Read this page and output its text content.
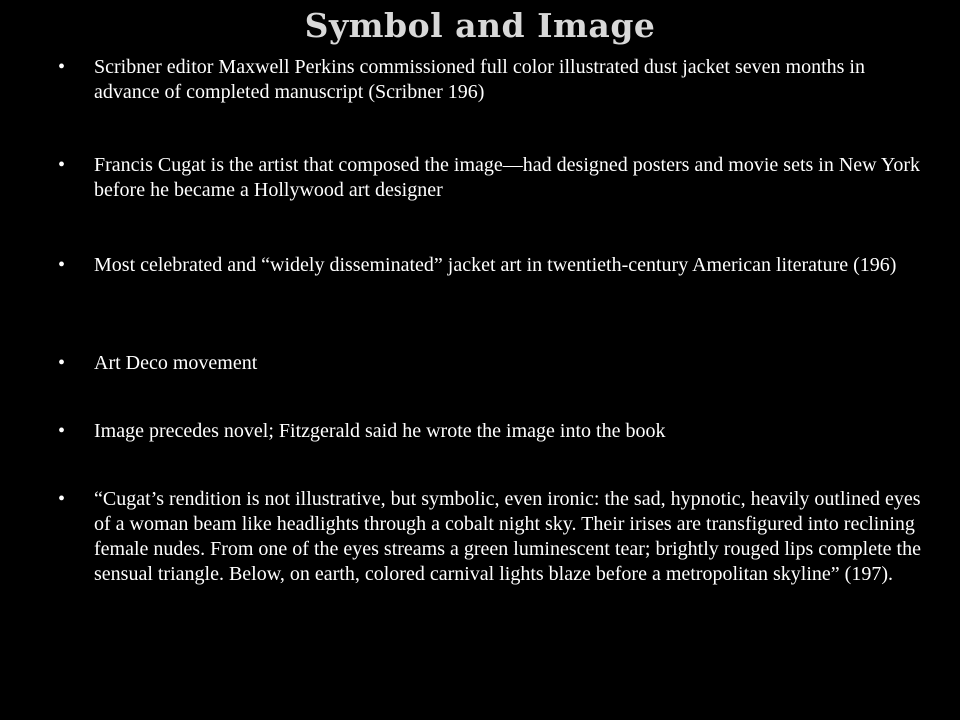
Symbol and Image
• Scribner editor Maxwell Perkins commissioned full color illustrated dust jacket seven months in advance of completed manuscript (Scribner 196)
• Francis Cugat is the artist that composed the image—had designed posters and movie sets in New York before he became a Hollywood art designer
• Most celebrated and “widely disseminated” jacket art in twentieth-century American literature (196)
• Art Deco movement
• Image precedes novel; Fitzgerald said he wrote the image into the book
• “Cugat’s rendition is not illustrative, but symbolic, even ironic: the sad, hypnotic, heavily outlined eyes of a woman beam like headlights through a cobalt night sky. Their irises are transfigured into reclining female nudes. From one of the eyes streams a green luminescent tear; brightly rouged lips complete the sensual triangle. Below, on earth, colored carnival lights blaze before a metropolitan skyline” (197).
